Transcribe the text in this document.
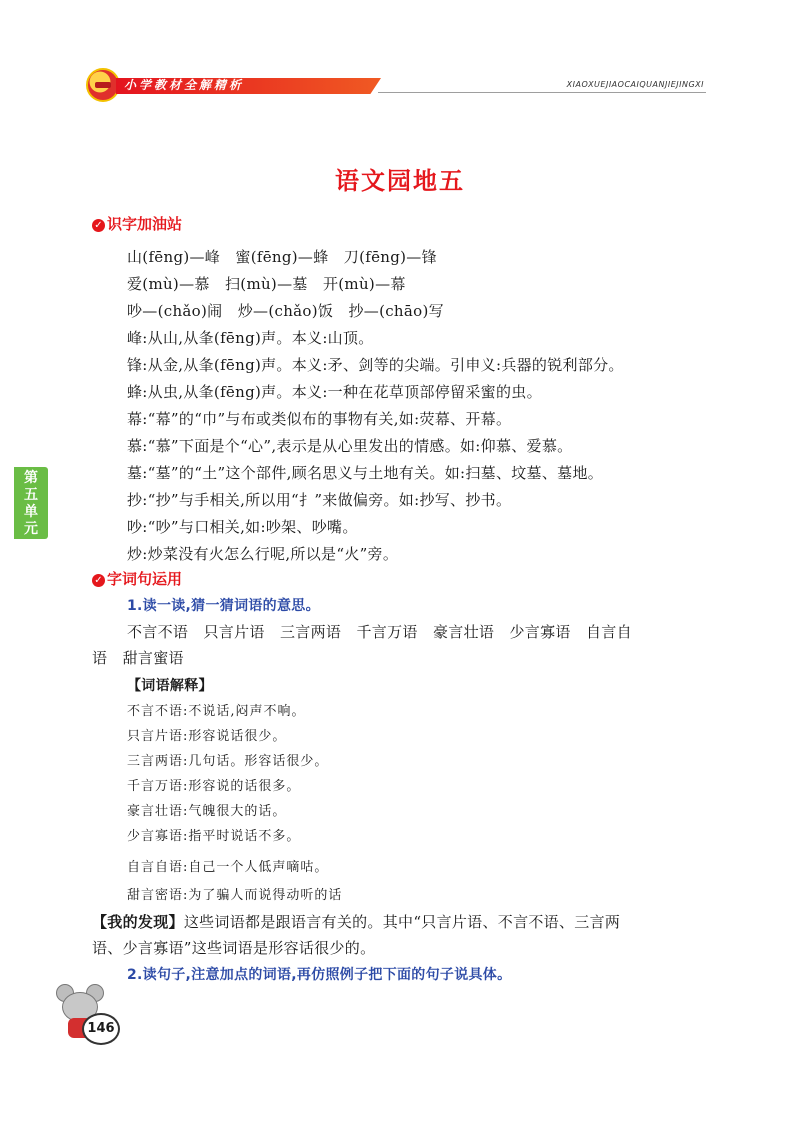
小学教材全解精析	XIAOXUEJIAOCAIQUANJIEJINGXI
语文园地五
✓ 识字加油站
山(fēng)—峰　蜜(fēng)—蜂　刀(fēng)—锋
爱(mù)—慕　扫(mù)—墓　开(mù)—幕
吵—(chǎo)闹　炒—(chǎo)饭　抄—(chāo)写
峰:从山,从夆(fēng)声。本义:山顶。
锋:从金,从夆(fēng)声。本义:矛、剑等的尖端。引申义:兵器的锐利部分。
蜂:从虫,从夆(fēng)声。本义:一种在花草顶部停留采蜜的虫。
幕:“幕”的“巾”与布或类似布的事物有关,如:荧幕、开幕。
慕:“慕”下面是个“心”,表示是从心里发出的情感。如:仰慕、爱慕。
墓:“墓”的“土”这个部件,顾名思义与土地有关。如:扫墓、坟墓、墓地。
抄:“抄”与手相关,所以用“扌”来做偏旁。如:抄写、抄书。
吵:“吵”与口相关,如:吵架、吵嘴。
炒:炒菜没有火怎么行呢,所以是“火”旁。
第
五
单
元
✓ 字词句运用
1.读一读,猜一猜词语的意思。
不言不语　只言片语　三言两语　千言万语　豪言壮语　少言寡语　自言自
语　甜言蜜语
【词语解释】
不言不语:不说话,闷声不响。
只言片语:形容说话很少。
三言两语:几句话。形容话很少。
千言万语:形容说的话很多。
豪言壮语:气魄很大的话。
少言寡语:指平时说话不多。
自言自语:自己一个人低声嘀咕。
甜言密语:为了骗人而说得动听的话
【我的发现】这些词语都是跟语言有关的。其中“只言片语、不言不语、三言两
语、少言寡语”这些词语是形容话很少的。
2.读句子,注意加点的词语,再仿照例子把下面的句子说具体。
146
